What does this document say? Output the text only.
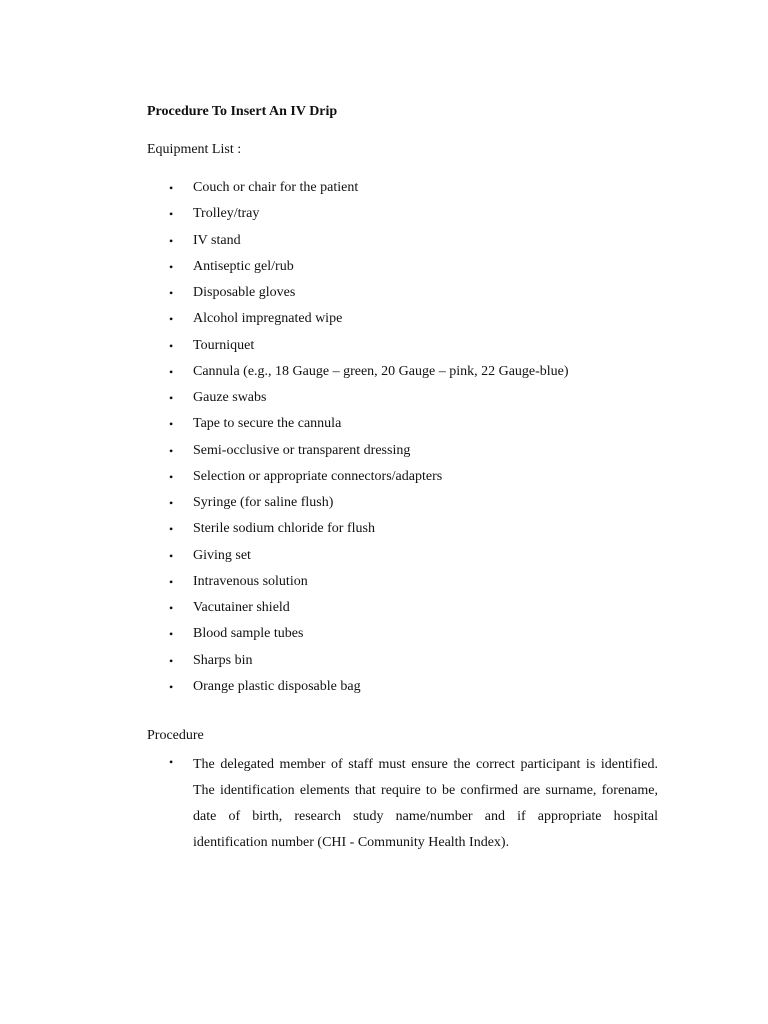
Procedure To Insert An IV Drip
Equipment List :
• Couch or chair for the patient
• Trolley/tray
• IV stand
• Antiseptic gel/rub
• Disposable gloves
• Alcohol impregnated wipe
• Tourniquet
• Cannula (e.g., 18 Gauge – green, 20 Gauge – pink, 22 Gauge-blue)
• Gauze swabs
• Tape to secure the cannula
• Semi-occlusive or transparent dressing
• Selection or appropriate connectors/adapters
• Syringe (for saline flush)
• Sterile sodium chloride for flush
• Giving set
• Intravenous solution
• Vacutainer shield
• Blood sample tubes
• Sharps bin
• Orange plastic disposable bag
Procedure
• The delegated member of staff must ensure the correct participant is identified. The identification elements that require to be confirmed are surname, forename, date of birth, research study name/number and if appropriate hospital identification number (CHI - Community Health Index).
